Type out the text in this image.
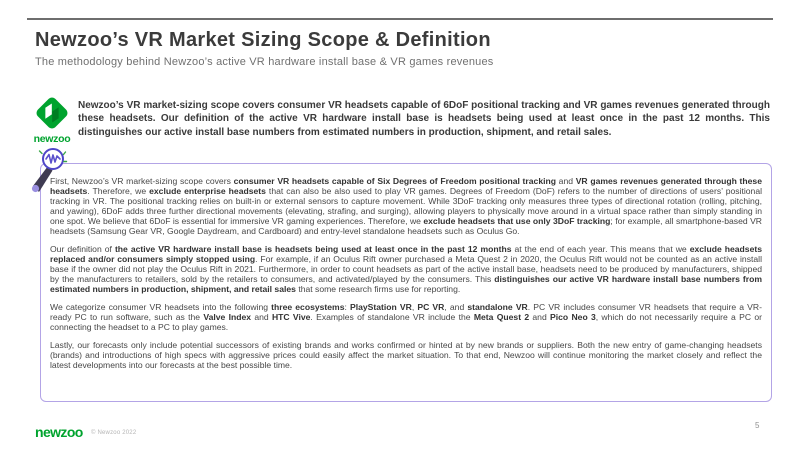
Newzoo’s VR Market Sizing Scope & Definition
The methodology behind Newzoo’s active VR hardware install base & VR games revenues
newzoo
Newzoo’s VR market-sizing scope covers consumer VR headsets capable of 6DoF positional tracking and VR games revenues generated through these headsets. Our definition of the active VR hardware install base is headsets being used at least once in the past 12 months. This distinguishes our active install base numbers from estimated numbers in production, shipment, and retail sales.

First, Newzoo’s VR market-sizing scope covers consumer VR headsets capable of Six Degrees of Freedom positional tracking and VR games revenues generated through these headsets. Therefore, we exclude enterprise headsets that can also be also used to play VR games. Degrees of Freedom (DoF) refers to the number of directions of users’ positional tracking in VR. The positional tracking relies on built-in or external sensors to capture movement. While 3DoF tracking only measures three types of directional rotation (rolling, pitching, and yawing), 6DoF adds three further directional movements (elevating, strafing, and surging), allowing players to physically move around in a virtual space rather than simply standing in one spot. We believe that 6DoF is essential for immersive VR gaming experiences. Therefore, we exclude headsets that use only 3DoF tracking; for example, all smartphone-based VR headsets (Samsung Gear VR, Google Daydream, and Cardboard) and entry-level standalone headsets such as Oculus Go.

Our definition of the active VR hardware install base is headsets being used at least once in the past 12 months at the end of each year. This means that we exclude headsets replaced and/or consumers simply stopped using. For example, if an Oculus Rift owner purchased a Meta Quest 2 in 2020, the Oculus Rift would not be counted as an active install base if the owner did not play the Oculus Rift in 2021. Furthermore, in order to count headsets as part of the active install base, headsets need to be produced by manufacturers, shipped by the manufacturers to retailers, sold by the retailers to consumers, and activated/played by the consumers. This distinguishes our active VR hardware install base numbers from estimated numbers in production, shipment, and retail sales that some research firms use for reporting.

We categorize consumer VR headsets into the following three ecosystems: PlayStation VR, PC VR, and standalone VR. PC VR includes consumer VR headsets that require a VR-ready PC to run software, such as the Valve Index and HTC Vive. Examples of standalone VR include the Meta Quest 2 and Pico Neo 3, which do not necessarily require a PC or connecting the headset to a PC to play games.

Lastly, our forecasts only include potential successors of existing brands and works confirmed or hinted at by new brands or suppliers. Both the new entry of game-changing headsets (brands) and introductions of high specs with aggressive prices could easily affect the market situation. To that end, Newzoo will continue monitoring the market closely and reflect the latest developments into our forecasts at the best possible time.

newzoo © Newzoo 2022
5
